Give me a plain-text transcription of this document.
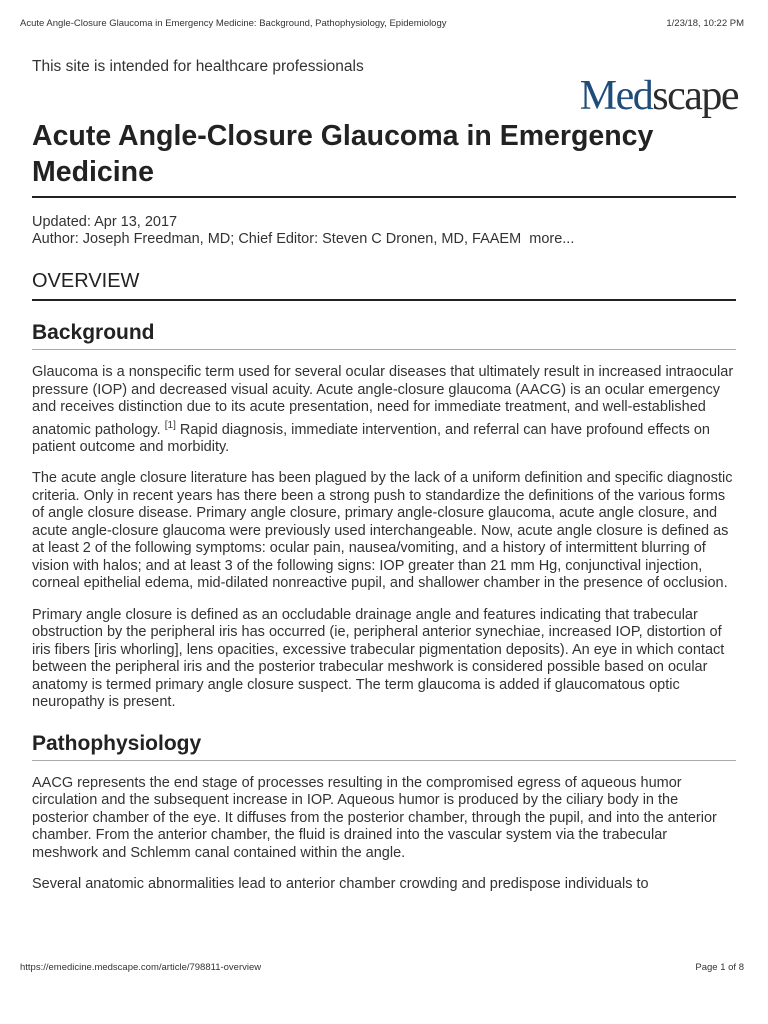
Acute Angle-Closure Glaucoma in Emergency Medicine: Background, Pathophysiology, Epidemiology	1/23/18, 10:22 PM
This site is intended for healthcare professionals
Medscape
Acute Angle-Closure Glaucoma in Emergency Medicine
Updated: Apr 13, 2017
Author: Joseph Freedman, MD; Chief Editor: Steven C Dronen, MD, FAAEM more...
OVERVIEW
Background

Glaucoma is a nonspecific term used for several ocular diseases that ultimately result in increased intraocular pressure (IOP) and decreased visual acuity. Acute angle-closure glaucoma (AACG) is an ocular emergency and receives distinction due to its acute presentation, need for immediate treatment, and well-established anatomic pathology. [1] Rapid diagnosis, immediate intervention, and referral can have profound effects on patient outcome and morbidity.

The acute angle closure literature has been plagued by the lack of a uniform definition and specific diagnostic criteria. Only in recent years has there been a strong push to standardize the definitions of the various forms of angle closure disease. Primary angle closure, primary angle-closure glaucoma, acute angle closure, and acute angle-closure glaucoma were previously used interchangeable. Now, acute angle closure is defined as at least 2 of the following symptoms: ocular pain, nausea/vomiting, and a history of intermittent blurring of vision with halos; and at least 3 of the following signs: IOP greater than 21 mm Hg, conjunctival injection, corneal epithelial edema, mid-dilated nonreactive pupil, and shallower chamber in the presence of occlusion.

Primary angle closure is defined as an occludable drainage angle and features indicating that trabecular obstruction by the peripheral iris has occurred (ie, peripheral anterior synechiae, increased IOP, distortion of iris fibers [iris whorling], lens opacities, excessive trabecular pigmentation deposits). An eye in which contact between the peripheral iris and the posterior trabecular meshwork is considered possible based on ocular anatomy is termed primary angle closure suspect. The term glaucoma is added if glaucomatous optic neuropathy is present.

Pathophysiology

AACG represents the end stage of processes resulting in the compromised egress of aqueous humor circulation and the subsequent increase in IOP. Aqueous humor is produced by the ciliary body in the posterior chamber of the eye. It diffuses from the posterior chamber, through the pupil, and into the anterior chamber. From the anterior chamber, the fluid is drained into the vascular system via the trabecular meshwork and Schlemm canal contained within the angle.

Several anatomic abnormalities lead to anterior chamber crowding and predispose individuals to

https://emedicine.medscape.com/article/798811-overview	Page 1 of 8
